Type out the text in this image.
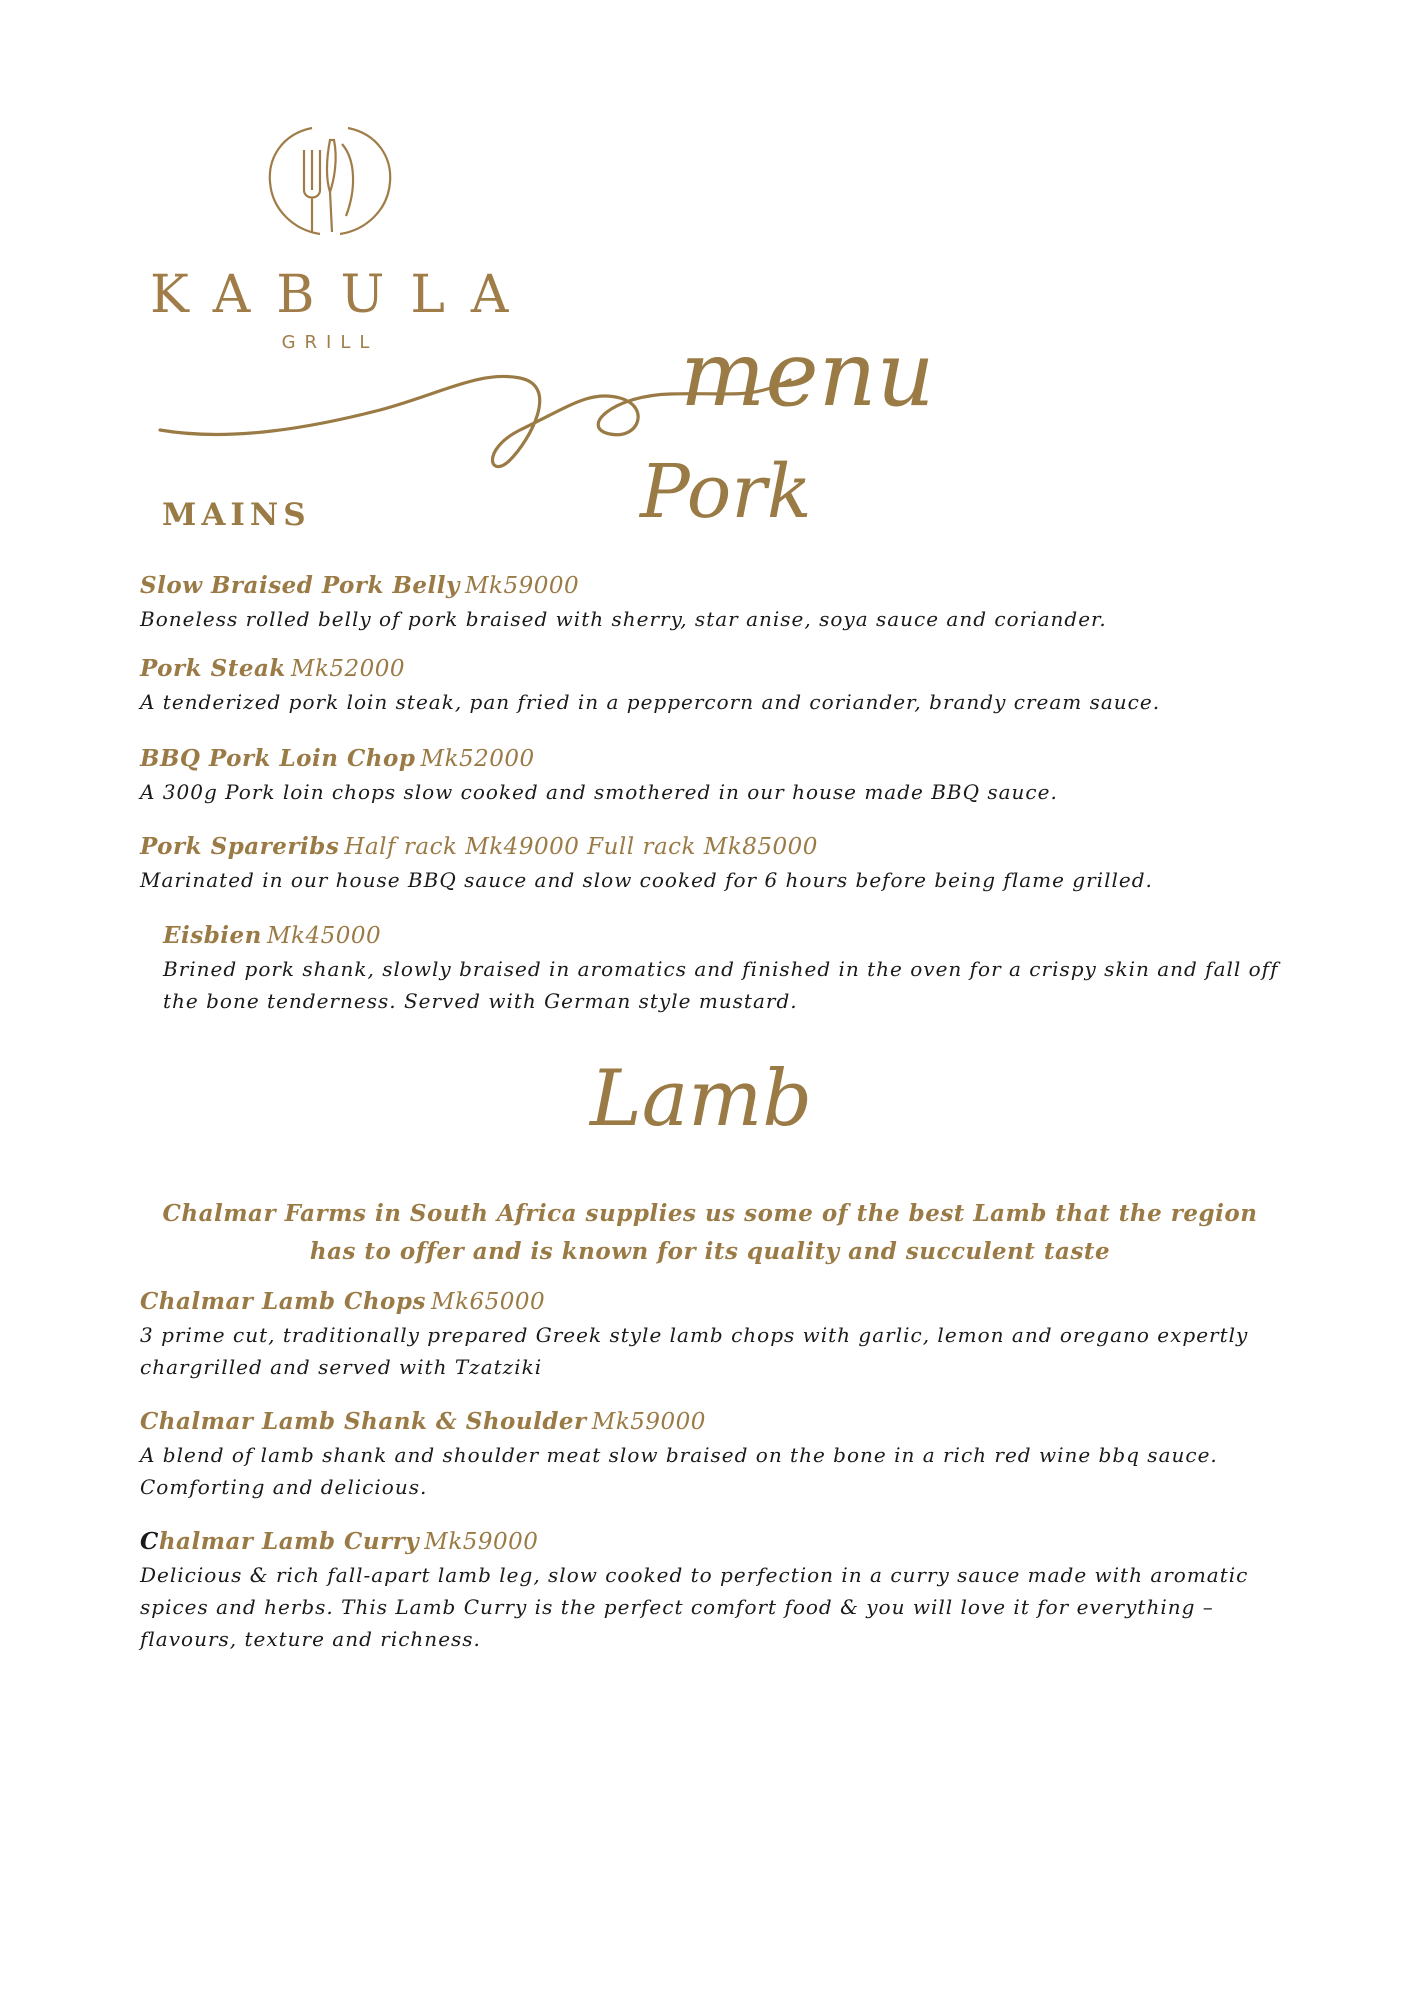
KABULA
GRILL	menu
MAINS	Pork
Slow Braised Pork Belly Mk59000
Boneless rolled belly of pork braised with sherry, star anise, soya sauce and coriander.
Pork Steak Mk52000
A tenderized pork loin steak, pan fried in a peppercorn and coriander, brandy cream sauce.
BBQ Pork Loin Chop Mk52000
A 300g Pork loin chops slow cooked and smothered in our house made BBQ sauce.
Pork Spareribs Half rack Mk49000 Full rack Mk85000
Marinated in our house BBQ sauce and slow cooked for 6 hours before being flame grilled.
Eisbien Mk45000
Brined pork shank, slowly braised in aromatics and finished in the oven for a crispy skin and fall off the bone tenderness. Served with German style mustard.
Lamb
Chalmar Farms in South Africa supplies us some of the best Lamb that the region has to offer and is known for its quality and succulent taste
Chalmar Lamb Chops Mk65000
3 prime cut, traditionally prepared Greek style lamb chops with garlic, lemon and oregano expertly chargrilled and served with Tzatziki
Chalmar Lamb Shank & Shoulder Mk59000
A blend of lamb shank and shoulder meat slow braised on the bone in a rich red wine bbq sauce. Comforting and delicious.
Chalmar Lamb Curry Mk59000
Delicious & rich fall-apart lamb leg, slow cooked to perfection in a curry sauce made with aromatic spices and herbs. This Lamb Curry is the perfect comfort food & you will love it for everything – flavours, texture and richness.
